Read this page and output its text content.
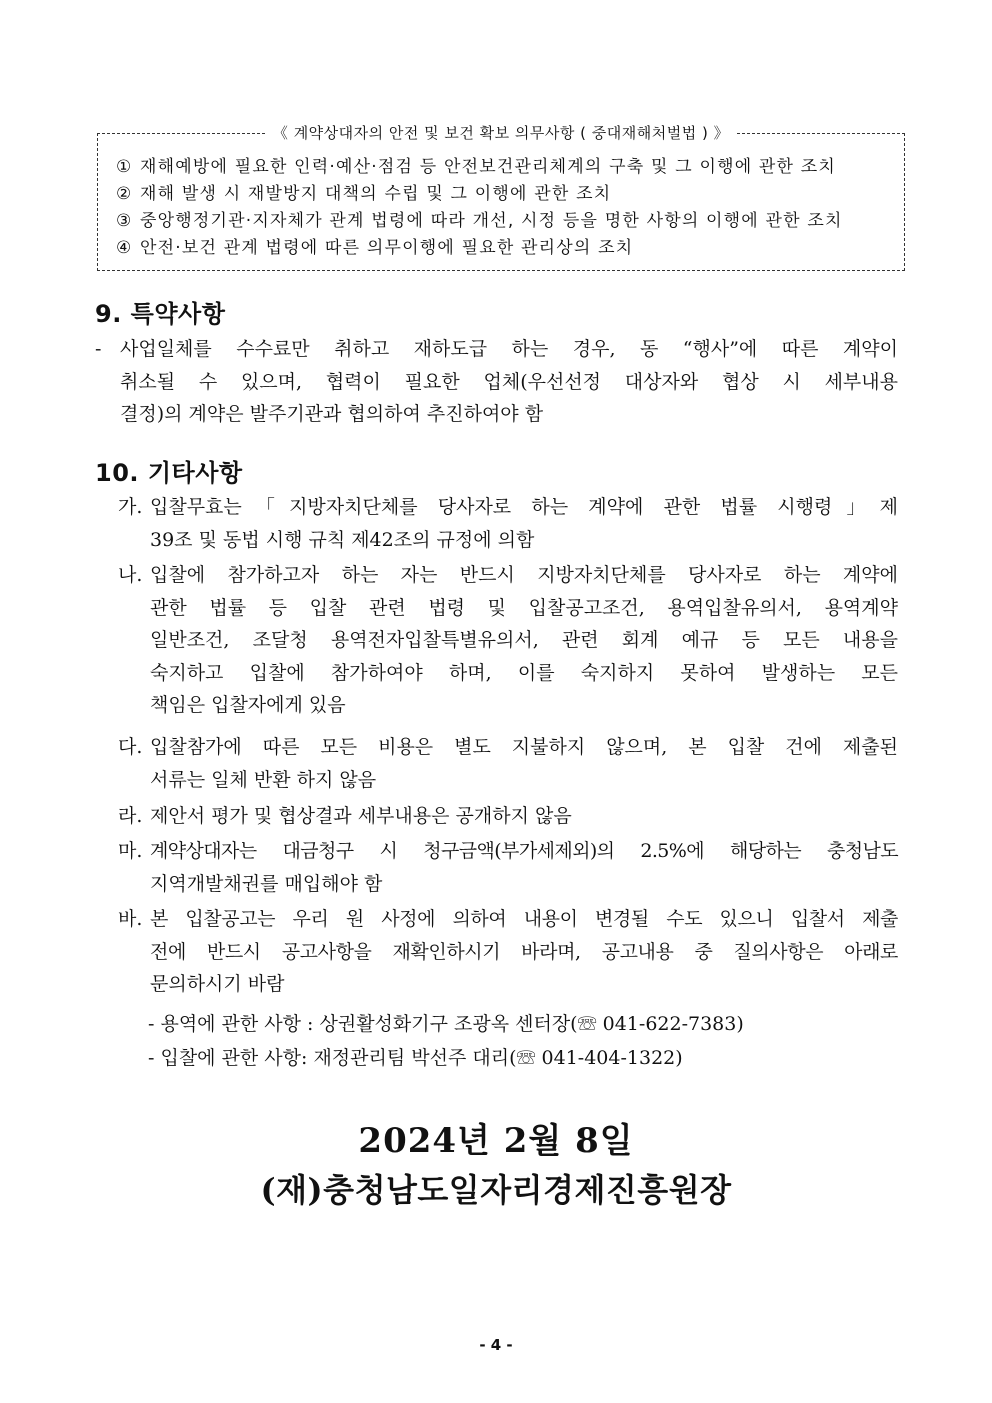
《 계약상대자의 안전 및 보건 확보 의무사항 ( 중대재해처벌법 ) 》
① 재해예방에 필요한 인력·예산·점검 등 안전보건관리체계의 구축 및 그 이행에 관한 조치
② 재해 발생 시 재발방지 대책의 수립 및 그 이행에 관한 조치
③ 중앙행정기관·지자체가 관계 법령에 따라 개선, 시정 등을 명한 사항의 이행에 관한 조치
④ 안전·보건 관계 법령에 따른 의무이행에 필요한 관리상의 조치
9. 특약사항
- 사업일체를 수수료만 취하고 재하도급 하는 경우, 동 “행사”에 따른 계약이
취소될 수 있으며, 협력이 필요한 업체(우선선정 대상자와 협상 시 세부내용
결정)의 계약은 발주기관과 협의하여 추진하여야 함
10. 기타사항
가. 입찰무효는「지방자치단체를 당사자로 하는 계약에 관한 법률 시행령」제
39조 및 동법 시행 규칙 제42조의 규정에 의함
나. 입찰에 참가하고자 하는 자는 반드시 지방자치단체를 당사자로 하는 계약에
관한 법률 등 입찰 관련 법령 및 입찰공고조건, 용역입찰유의서, 용역계약
일반조건, 조달청 용역전자입찰특별유의서, 관련 회계 예규 등 모든 내용을
숙지하고 입찰에 참가하여야 하며, 이를 숙지하지 못하여 발생하는 모든
책임은 입찰자에게 있음
다. 입찰참가에 따른 모든 비용은 별도 지불하지 않으며, 본 입찰 건에 제출된
서류는 일체 반환 하지 않음
라. 제안서 평가 및 협상결과 세부내용은 공개하지 않음
마. 계약상대자는 대금청구 시 청구금액(부가세제외)의 2.5%에 해당하는 충청남도
지역개발채권를 매입해야 함
바. 본 입찰공고는 우리 원 사정에 의하여 내용이 변경될 수도 있으니 입찰서 제출
전에 반드시 공고사항을 재확인하시기 바라며, 공고내용 중 질의사항은 아래로
문의하시기 바람
- 용역에 관한 사항 : 상권활성화기구 조광옥 센터장(☏ 041-622-7383)
- 입찰에 관한 사항: 재정관리팀 박선주 대리(☏ 041-404-1322)
2024년 2월 8일
(재)충청남도일자리경제진흥원장
- 4 -
